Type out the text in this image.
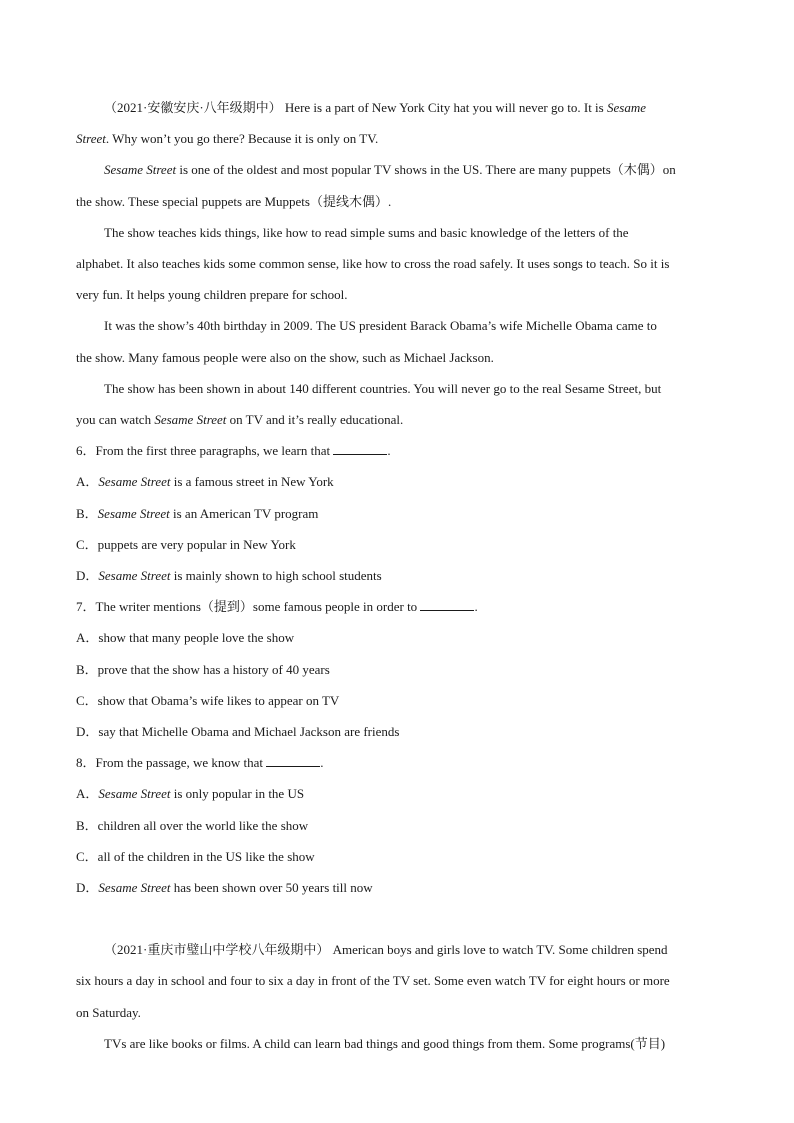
（2021·安徽安庆·八年级期中） Here is a part of New York City hat you will never go to. It is Sesame
Street. Why won’t you go there? Because it is only on TV.
Sesame Street is one of the oldest and most popular TV shows in the US. There are many puppets（木偶）on
the show. These special puppets are Muppets（提线木偶）.
The show teaches kids things, like how to read simple sums and basic knowledge of the letters of the
alphabet. It also teaches kids some common sense, like how to cross the road safely. It uses songs to teach. So it is
very fun. It helps young children prepare for school.
It was the show’s 40th birthday in 2009. The US president Barack Obama’s wife Michelle Obama came to
the show. Many famous people were also on the show, such as Michael Jackson.
The show has been shown in about 140 different countries. You will never go to the real Sesame Street, but
you can watch Sesame Street on TV and it’s really educational.
6．From the first three paragraphs, we learn that	.
A．Sesame Street is a famous street in New York
B．Sesame Street is an American TV program
C．puppets are very popular in New York
D．Sesame Street is mainly shown to high school students
7．The writer mentions（提到）some famous people in order to	.
A．show that many people love the show
B．prove that the show has a history of 40 years
C．show that Obama’s wife likes to appear on TV
D．say that Michelle Obama and Michael Jackson are friends
8．From the passage, we know that	.
A．Sesame Street is only popular in the US
B．children all over the world like the show
C．all of the children in the US like the show
D．Sesame Street has been shown over 50 years till now
（2021·重庆市璧山中学校八年级期中） American boys and girls love to watch TV. Some children spend
six hours a day in school and four to six a day in front of the TV set. Some even watch TV for eight hours or more
on Saturday.
TVs are like books or films. A child can learn bad things and good things from them. Some programs(节目)
